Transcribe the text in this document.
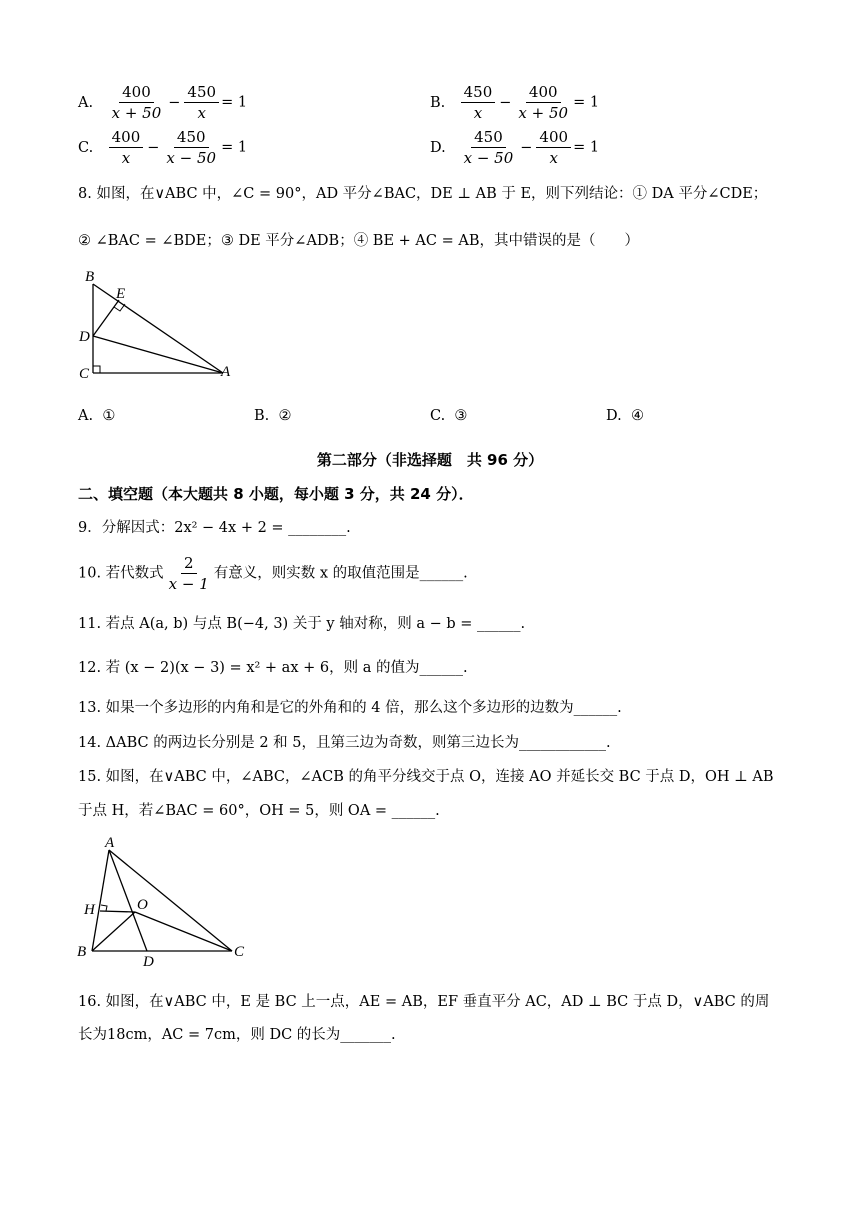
A. $\frac{400}{x + 50} - \frac{450}{x} = 1$	B. $\frac{450}{x} - \frac{400}{x + 50} = 1$
C. $\frac{400}{x} - \frac{450}{x - 50} = 1$	D. $\frac{450}{x - 50} - \frac{400}{x} = 1$
8. 如图，在∨ABC 中，∠C = 90°，AD 平分∠BAC，DE ⊥ AB 于 E，则下列结论：① DA 平分∠CDE；
② ∠BAC = ∠BDE；③ DE 平分∠ADB；④ BE + AC = AB，其中错误的是（　　）
B
E
D
C	A
A. ①	B. ②	C. ③	D. ④
第二部分（非选择题　共 96 分）
二、填空题（本大题共 8 小题，每小题 3 分，共 24 分）．
9．分解因式：2x² − 4x + 2 = ________.
10. 若代数式 $\frac{2}{x - 1}$ 有意义，则实数 x 的取值范围是______.
11. 若点 A(a, b) 与点 B(−4, 3) 关于 y 轴对称，则 a − b = ______.
12. 若 (x − 2)(x − 3) = x² + ax + 6，则 a 的值为______.
13. 如果一个多边形的内角和是它的外角和的 4 倍，那么这个多边形的边数为______.
14. ΔABC 的两边长分别是 2 和 5，且第三边为奇数，则第三边长为____________.
15. 如图，在∨ABC 中，∠ABC，∠ACB 的角平分线交于点 O，连接 AO 并延长交 BC 于点 D，OH ⊥ AB
于点 H，若∠BAC = 60°，OH = 5，则 OA = ______.
A
H	O
B
D
C
16. 如图，在∨ABC 中，E 是 BC 上一点，AE = AB，EF 垂直平分 AC，AD ⊥ BC 于点 D，∨ABC 的周
长为18cm，AC = 7cm，则 DC 的长为_______.
